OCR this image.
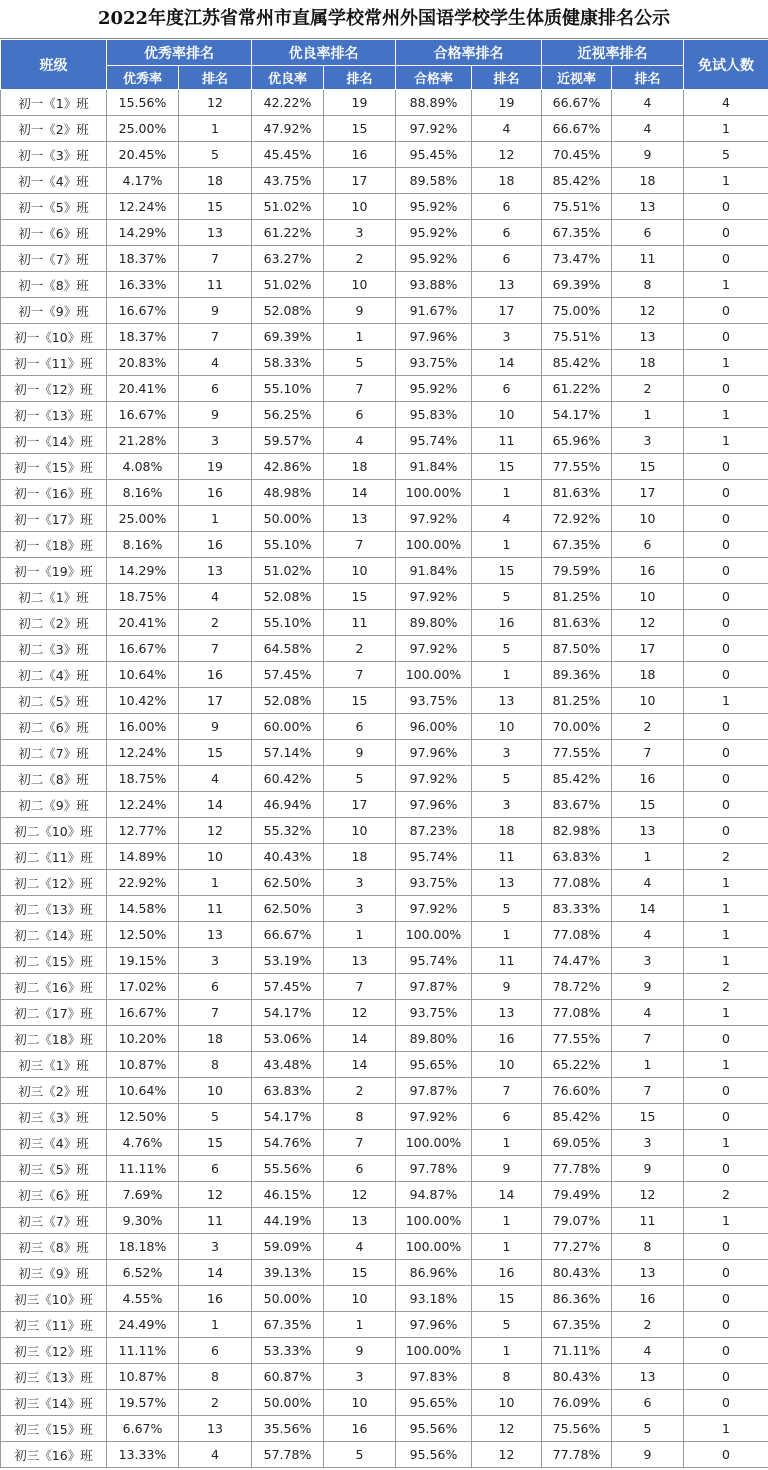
2022年度江苏省常州市直属学校常州外国语学校学生体质健康排名公示
班级	优秀率排名		优良率排名		合格率排名		近视率排名		免试人数
	优秀率	排名	优良率	排名	合格率	排名	近视率	排名	
初一《1》班	15.56%	12	42.22%	19	88.89%	19	66.67%	4	4
初一《2》班	25.00%	1	47.92%	15	97.92%	4	66.67%	4	1
初一《3》班	20.45%	5	45.45%	16	95.45%	12	70.45%	9	5
初一《4》班	4.17%	18	43.75%	17	89.58%	18	85.42%	18	1
初一《5》班	12.24%	15	51.02%	10	95.92%	6	75.51%	13	0
初一《6》班	14.29%	13	61.22%	3	95.92%	6	67.35%	6	0
初一《7》班	18.37%	7	63.27%	2	95.92%	6	73.47%	11	0
初一《8》班	16.33%	11	51.02%	10	93.88%	13	69.39%	8	1
初一《9》班	16.67%	9	52.08%	9	91.67%	17	75.00%	12	0
初一《10》班	18.37%	7	69.39%	1	97.96%	3	75.51%	13	0
初一《11》班	20.83%	4	58.33%	5	93.75%	14	85.42%	18	1
初一《12》班	20.41%	6	55.10%	7	95.92%	6	61.22%	2	0
初一《13》班	16.67%	9	56.25%	6	95.83%	10	54.17%	1	1
初一《14》班	21.28%	3	59.57%	4	95.74%	11	65.96%	3	1
初一《15》班	4.08%	19	42.86%	18	91.84%	15	77.55%	15	0
初一《16》班	8.16%	16	48.98%	14	100.00%	1	81.63%	17	0
初一《17》班	25.00%	1	50.00%	13	97.92%	4	72.92%	10	0
初一《18》班	8.16%	16	55.10%	7	100.00%	1	67.35%	6	0
初一《19》班	14.29%	13	51.02%	10	91.84%	15	79.59%	16	0
初二《1》班	18.75%	4	52.08%	15	97.92%	5	81.25%	10	0
初二《2》班	20.41%	2	55.10%	11	89.80%	16	81.63%	12	0
初二《3》班	16.67%	7	64.58%	2	97.92%	5	87.50%	17	0
初二《4》班	10.64%	16	57.45%	7	100.00%	1	89.36%	18	0
初二《5》班	10.42%	17	52.08%	15	93.75%	13	81.25%	10	1
初二《6》班	16.00%	9	60.00%	6	96.00%	10	70.00%	2	0
初二《7》班	12.24%	15	57.14%	9	97.96%	3	77.55%	7	0
初二《8》班	18.75%	4	60.42%	5	97.92%	5	85.42%	16	0
初二《9》班	12.24%	14	46.94%	17	97.96%	3	83.67%	15	0
初二《10》班	12.77%	12	55.32%	10	87.23%	18	82.98%	13	0
初二《11》班	14.89%	10	40.43%	18	95.74%	11	63.83%	1	2
初二《12》班	22.92%	1	62.50%	3	93.75%	13	77.08%	4	1
初二《13》班	14.58%	11	62.50%	3	97.92%	5	83.33%	14	1
初二《14》班	12.50%	13	66.67%	1	100.00%	1	77.08%	4	1
初二《15》班	19.15%	3	53.19%	13	95.74%	11	74.47%	3	1
初二《16》班	17.02%	6	57.45%	7	97.87%	9	78.72%	9	2
初二《17》班	16.67%	7	54.17%	12	93.75%	13	77.08%	4	1
初二《18》班	10.20%	18	53.06%	14	89.80%	16	77.55%	7	0
初三《1》班	10.87%	8	43.48%	14	95.65%	10	65.22%	1	1
初三《2》班	10.64%	10	63.83%	2	97.87%	7	76.60%	7	0
初三《3》班	12.50%	5	54.17%	8	97.92%	6	85.42%	15	0
初三《4》班	4.76%	15	54.76%	7	100.00%	1	69.05%	3	1
初三《5》班	11.11%	6	55.56%	6	97.78%	9	77.78%	9	0
初三《6》班	7.69%	12	46.15%	12	94.87%	14	79.49%	12	2
初三《7》班	9.30%	11	44.19%	13	100.00%	1	79.07%	11	1
初三《8》班	18.18%	3	59.09%	4	100.00%	1	77.27%	8	0
初三《9》班	6.52%	14	39.13%	15	86.96%	16	80.43%	13	0
初三《10》班	4.55%	16	50.00%	10	93.18%	15	86.36%	16	0
初三《11》班	24.49%	1	67.35%	1	97.96%	5	67.35%	2	0
初三《12》班	11.11%	6	53.33%	9	100.00%	1	71.11%	4	0
初三《13》班	10.87%	8	60.87%	3	97.83%	8	80.43%	13	0
初三《14》班	19.57%	2	50.00%	10	95.65%	10	76.09%	6	0
初三《15》班	6.67%	13	35.56%	16	95.56%	12	75.56%	5	1
初三《16》班	13.33%	4	57.78%	5	95.56%	12	77.78%	9	0
